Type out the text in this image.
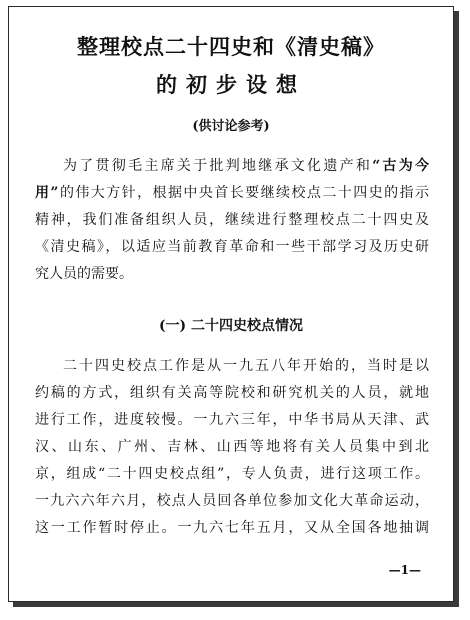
整理校点二十四史和《清史稿》
的初步设想
(供讨论参考)
为了贯彻毛主席关于批判地继承文化遗产和“古为今
用”的伟大方针，根据中央首长要继续校点二十四史的指示
精神，我们准备组织人员，继续进行整理校点二十四史及
《清史稿》，以适应当前教育革命和一些干部学习及历史研
究人员的需要。
(一) 二十四史校点情况
二十四史校点工作是从一九五八年开始的，当时是以
约稿的方式，组织有关高等院校和研究机关的人员，就地
进行工作，进度较慢。一九六三年，中华书局从天津、武
汉、山东、广州、吉林、山西等地将有关人员集中到北
京，组成“二十四史校点组”，专人负责，进行这项工作。
一九六六年六月，校点人员回各单位参加文化大革命运动，
这一工作暂时停止。一九六七年五月，又从全国各地抽调
—1—
